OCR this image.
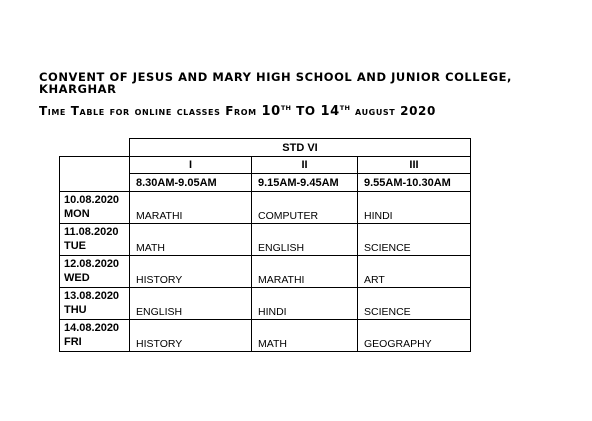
CONVENT OF JESUS AND MARY HIGH SCHOOL AND JUNIOR COLLEGE,
KHARGHAR
Time Table for online classes From 10TH TO 14TH august 2020
	STD VI		
	I	II	III
	8.30AM-9.05AM	9.15AM-9.45AM	9.55AM-10.30AM

10.08.2020
MON	MARATHI	COMPUTER	HINDI

11.08.2020
TUE	MATH	ENGLISH	SCIENCE

12.08.2020
WED	HISTORY	MARATHI	ART

13.08.2020
THU	ENGLISH	HINDI	SCIENCE

14.08.2020
FRI	HISTORY	MATH	GEOGRAPHY
